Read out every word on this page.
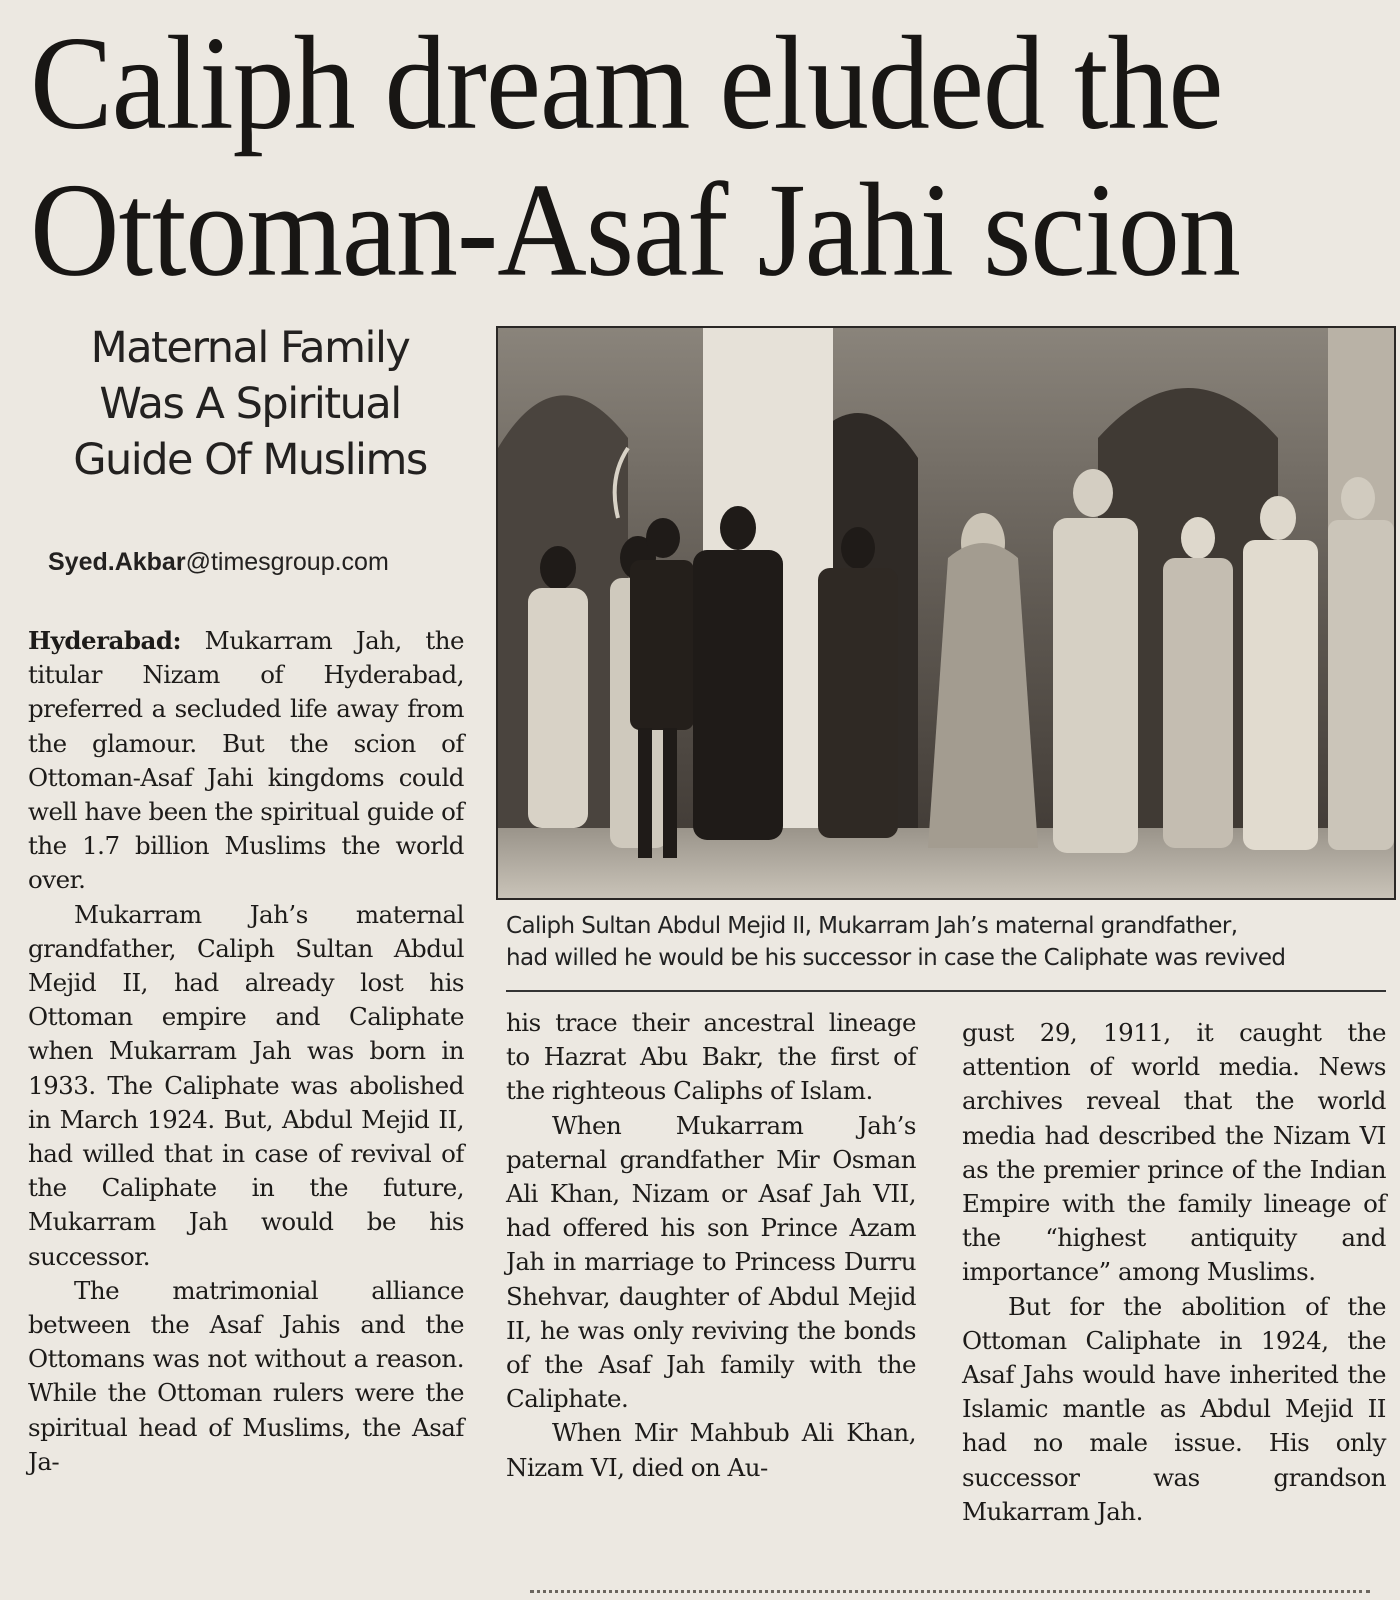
Caliph dream eluded the
Ottoman-Asaf Jahi scion
Maternal Family
Was A Spiritual
Guide Of Muslims
Syed.Akbar@timesgroup.com
Caliph Sultan Abdul Mejid II, Mukarram Jah’s maternal grandfather,
had willed he would be his successor in case the Caliphate was revived

Hyderabad: Mukarram Jah, the titular Nizam of Hyderabad, preferred a secluded life away from the glamour. But the scion of Ottoman-Asaf Jahi kingdoms could well have been the spiritual guide of the 1.7 billion Muslims the world over.

Mukarram Jah’s maternal grandfather, Caliph Sultan Abdul Mejid II, had already lost his Ottoman empire and Caliphate when Mukarram Jah was born in 1933. The Caliphate was abolished in March 1924. But, Abdul Mejid II, had willed that in case of revival of the Caliphate in the future, Mukarram Jah would be his successor.

The matrimonial alliance between the Asaf Jahis and the Ottomans was not without a reason. While the Ottoman rulers were the spiritual head of Muslims, the Asaf Ja-

his trace their ancestral lineage to Hazrat Abu Bakr, the first of the righteous Caliphs of Islam.

When Mukarram Jah’s paternal grandfather Mir Osman Ali Khan, Nizam or Asaf Jah VII, had offered his son Prince Azam Jah in marriage to Princess Durru Shehvar, daughter of Abdul Mejid II, he was only reviving the bonds of the Asaf Jah family with the Caliphate.

When Mir Mahbub Ali Khan, Nizam VI, died on Au-

gust 29, 1911, it caught the attention of world media. News archives reveal that the world media had described the Nizam VI as the premier prince of the Indian Empire with the family lineage of the “highest antiquity and importance” among Muslims.

But for the abolition of the Ottoman Caliphate in 1924, the Asaf Jahs would have inherited the Islamic mantle as Abdul Mejid II had no male issue. His only successor was grandson Mukarram Jah.
